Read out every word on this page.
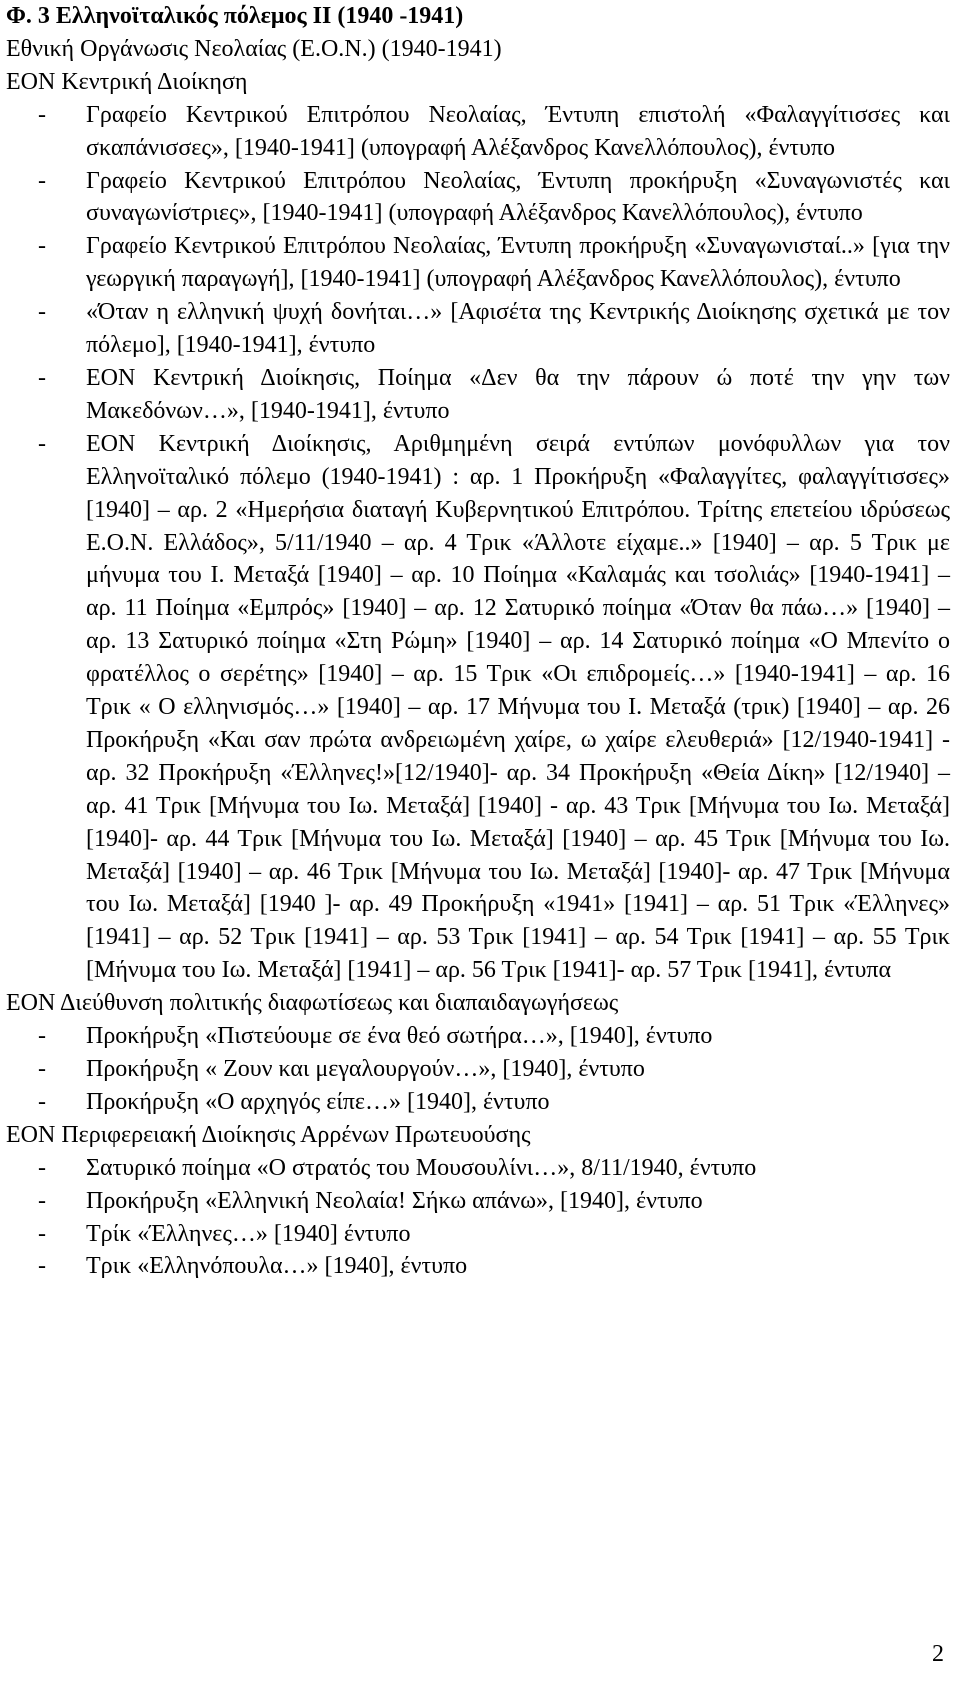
Φ. 3 Ελληνοϊταλικός πόλεμος ΙΙ (1940 -1941)

Εθνική Οργάνωσις Νεολαίας (Ε.Ο.Ν.) (1940-1941)

ΕΟΝ Κεντρική Διοίκηση

- Γραφείο Κεντρικού Επιτρόπου Νεολαίας, Έντυπη επιστολή «Φαλαγγίτισσες και σκαπάνισσες», [1940-1941] (υπογραφή Αλέξανδρος Κανελλόπουλος), έντυπο
- Γραφείο Κεντρικού Επιτρόπου Νεολαίας, Έντυπη προκήρυξη «Συναγωνιστές και συναγωνίστριες», [1940-1941] (υπογραφή Αλέξανδρος Κανελλόπουλος), έντυπο
- Γραφείο Κεντρικού Επιτρόπου Νεολαίας, Έντυπη προκήρυξη «Συναγωνισταί..» [για την γεωργική παραγωγή], [1940-1941] (υπογραφή Αλέξανδρος Κανελλόπουλος), έντυπο
- «Όταν η ελληνική ψυχή δονήται…» [Αφισέτα της Κεντρικής Διοίκησης σχετικά με τον πόλεμο], [1940-1941], έντυπο
- ΕΟΝ Κεντρική Διοίκησις, Ποίημα «Δεν θα την πάρουν ώ ποτέ την γην των Μακεδόνων…», [1940-1941], έντυπο
- ΕΟΝ Κεντρική Διοίκησις, Αριθμημένη σειρά εντύπων μονόφυλλων για τον Ελληνοϊταλικό πόλεμο (1940-1941) : αρ. 1 Προκήρυξη «Φαλαγγίτες, φαλαγγίτισσες» [1940] – αρ. 2 «Ημερήσια διαταγή Κυβερνητικού Επιτρόπου. Τρίτης επετείου ιδρύσεως Ε.Ο.Ν. Ελλάδος», 5/11/1940 – αρ. 4 Τρικ «Άλλοτε είχαμε..» [1940] – αρ. 5 Τρικ με μήνυμα του Ι. Μεταξά [1940] – αρ. 10 Ποίημα «Καλαμάς και τσολιάς» [1940-1941] – αρ. 11 Ποίημα «Εμπρός» [1940] – αρ. 12 Σατυρικό ποίημα «Όταν θα πάω…» [1940] – αρ. 13 Σατυρικό ποίημα «Στη Ρώμη» [1940] – αρ. 14 Σατυρικό ποίημα «Ο Μπενίτο ο φρατέλλος ο σερέτης» [1940] – αρ. 15 Τρικ «Οι επιδρομείς…» [1940-1941] – αρ. 16 Τρικ « Ο ελληνισμός…» [1940] – αρ. 17 Μήνυμα του Ι. Μεταξά (τρικ) [1940] – αρ. 26 Προκήρυξη «Και σαν πρώτα ανδρειωμένη χαίρε, ω χαίρε ελευθεριά» [12/1940-1941] - αρ. 32 Προκήρυξη «Έλληνες!»[12/1940]- αρ. 34 Προκήρυξη «Θεία Δίκη» [12/1940] – αρ. 41 Τρικ [Μήνυμα του Ιω. Μεταξά] [1940] - αρ. 43 Τρικ [Μήνυμα του Ιω. Μεταξά] [1940]- αρ. 44 Τρικ [Μήνυμα του Ιω. Μεταξά] [1940] – αρ. 45 Τρικ [Μήνυμα του Ιω. Μεταξά] [1940] – αρ. 46 Τρικ [Μήνυμα του Ιω. Μεταξά] [1940]- αρ. 47 Τρικ [Μήνυμα του Ιω. Μεταξά] [1940 ]- αρ. 49 Προκήρυξη «1941» [1941] – αρ. 51 Τρικ «Έλληνες» [1941] – αρ. 52 Τρικ [1941] – αρ. 53 Τρικ [1941] – αρ. 54 Τρικ [1941] – αρ. 55 Τρικ [Μήνυμα του Ιω. Μεταξά] [1941] – αρ. 56 Τρικ [1941]- αρ. 57 Τρικ [1941], έντυπα

ΕΟΝ Διεύθυνση πολιτικής διαφωτίσεως και διαπαιδαγωγήσεως

- Προκήρυξη «Πιστεύουμε σε ένα θεό σωτήρα…», [1940], έντυπο
- Προκήρυξη « Ζουν και μεγαλουργούν…», [1940], έντυπο
- Προκήρυξη «Ο αρχηγός είπε…» [1940], έντυπο

ΕΟΝ Περιφερειακή Διοίκησις Αρρένων Πρωτευούσης

- Σατυρικό ποίημα «Ο στρατός του Μουσουλίνι…», 8/11/1940, έντυπο
- Προκήρυξη «Ελληνική Νεολαία! Σήκω απάνω», [1940], έντυπο
- Τρίκ «Έλληνες…» [1940] έντυπο
- Τρικ «Ελληνόπουλα…» [1940], έντυπο
2
